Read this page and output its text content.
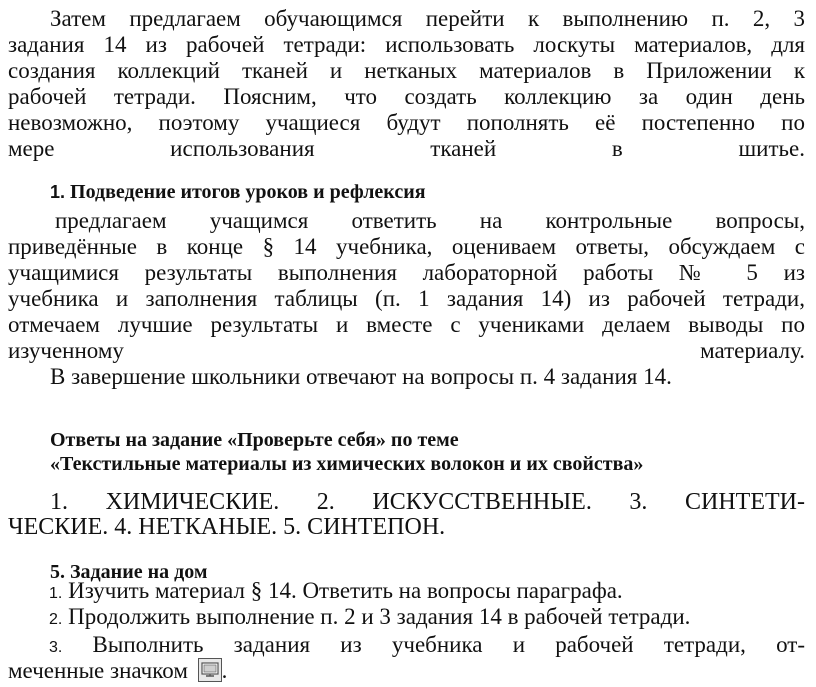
Затем предлагаем обучающимся перейти к выполнению п. 2, 3
задания 14 из рабочей тетради: использовать лоскуты материалов, для
создания коллекций тканей и нетканых материалов в Приложении к
рабочей тетради. Поясним, что создать коллекцию за один день
невозможно, поэтому учащиеся будут пополнять её постепенно по
мере использования тканей в шитье.
1. Подведение итогов уроков и рефлексия
предлагаем учащимся ответить на контрольные вопросы,
приведённые в конце § 14 учебника, оцениваем ответы, обсуждаем с
учащимися результаты выполнения лабораторной работы № 5 из
учебника и заполнения таблицы (п. 1 задания 14) из рабочей тетради,
отмечаем лучшие результаты и вместе с учениками делаем выводы по
изученному материалу.
В завершение школьники отвечают на вопросы п. 4 задания 14.
Ответы на задание «Проверьте себя» по теме
«Текстильные материалы из химических волокон и их свойства»
1. ХИМИЧЕСКИЕ. 2. ИСКУССТВЕННЫЕ. 3. СИНТЕТИ-
ЧЕСКИЕ. 4. НЕТКАНЫЕ. 5. СИНТЕПОН.
5. Задание на дом
1. Изучить материал § 14. Ответить на вопросы параграфа.
2. Продолжить выполнение п. 2 и 3 задания 14 в рабочей тетради.
3. Выполнить задания из учебника и рабочей тетради, от-
меченные значком .
